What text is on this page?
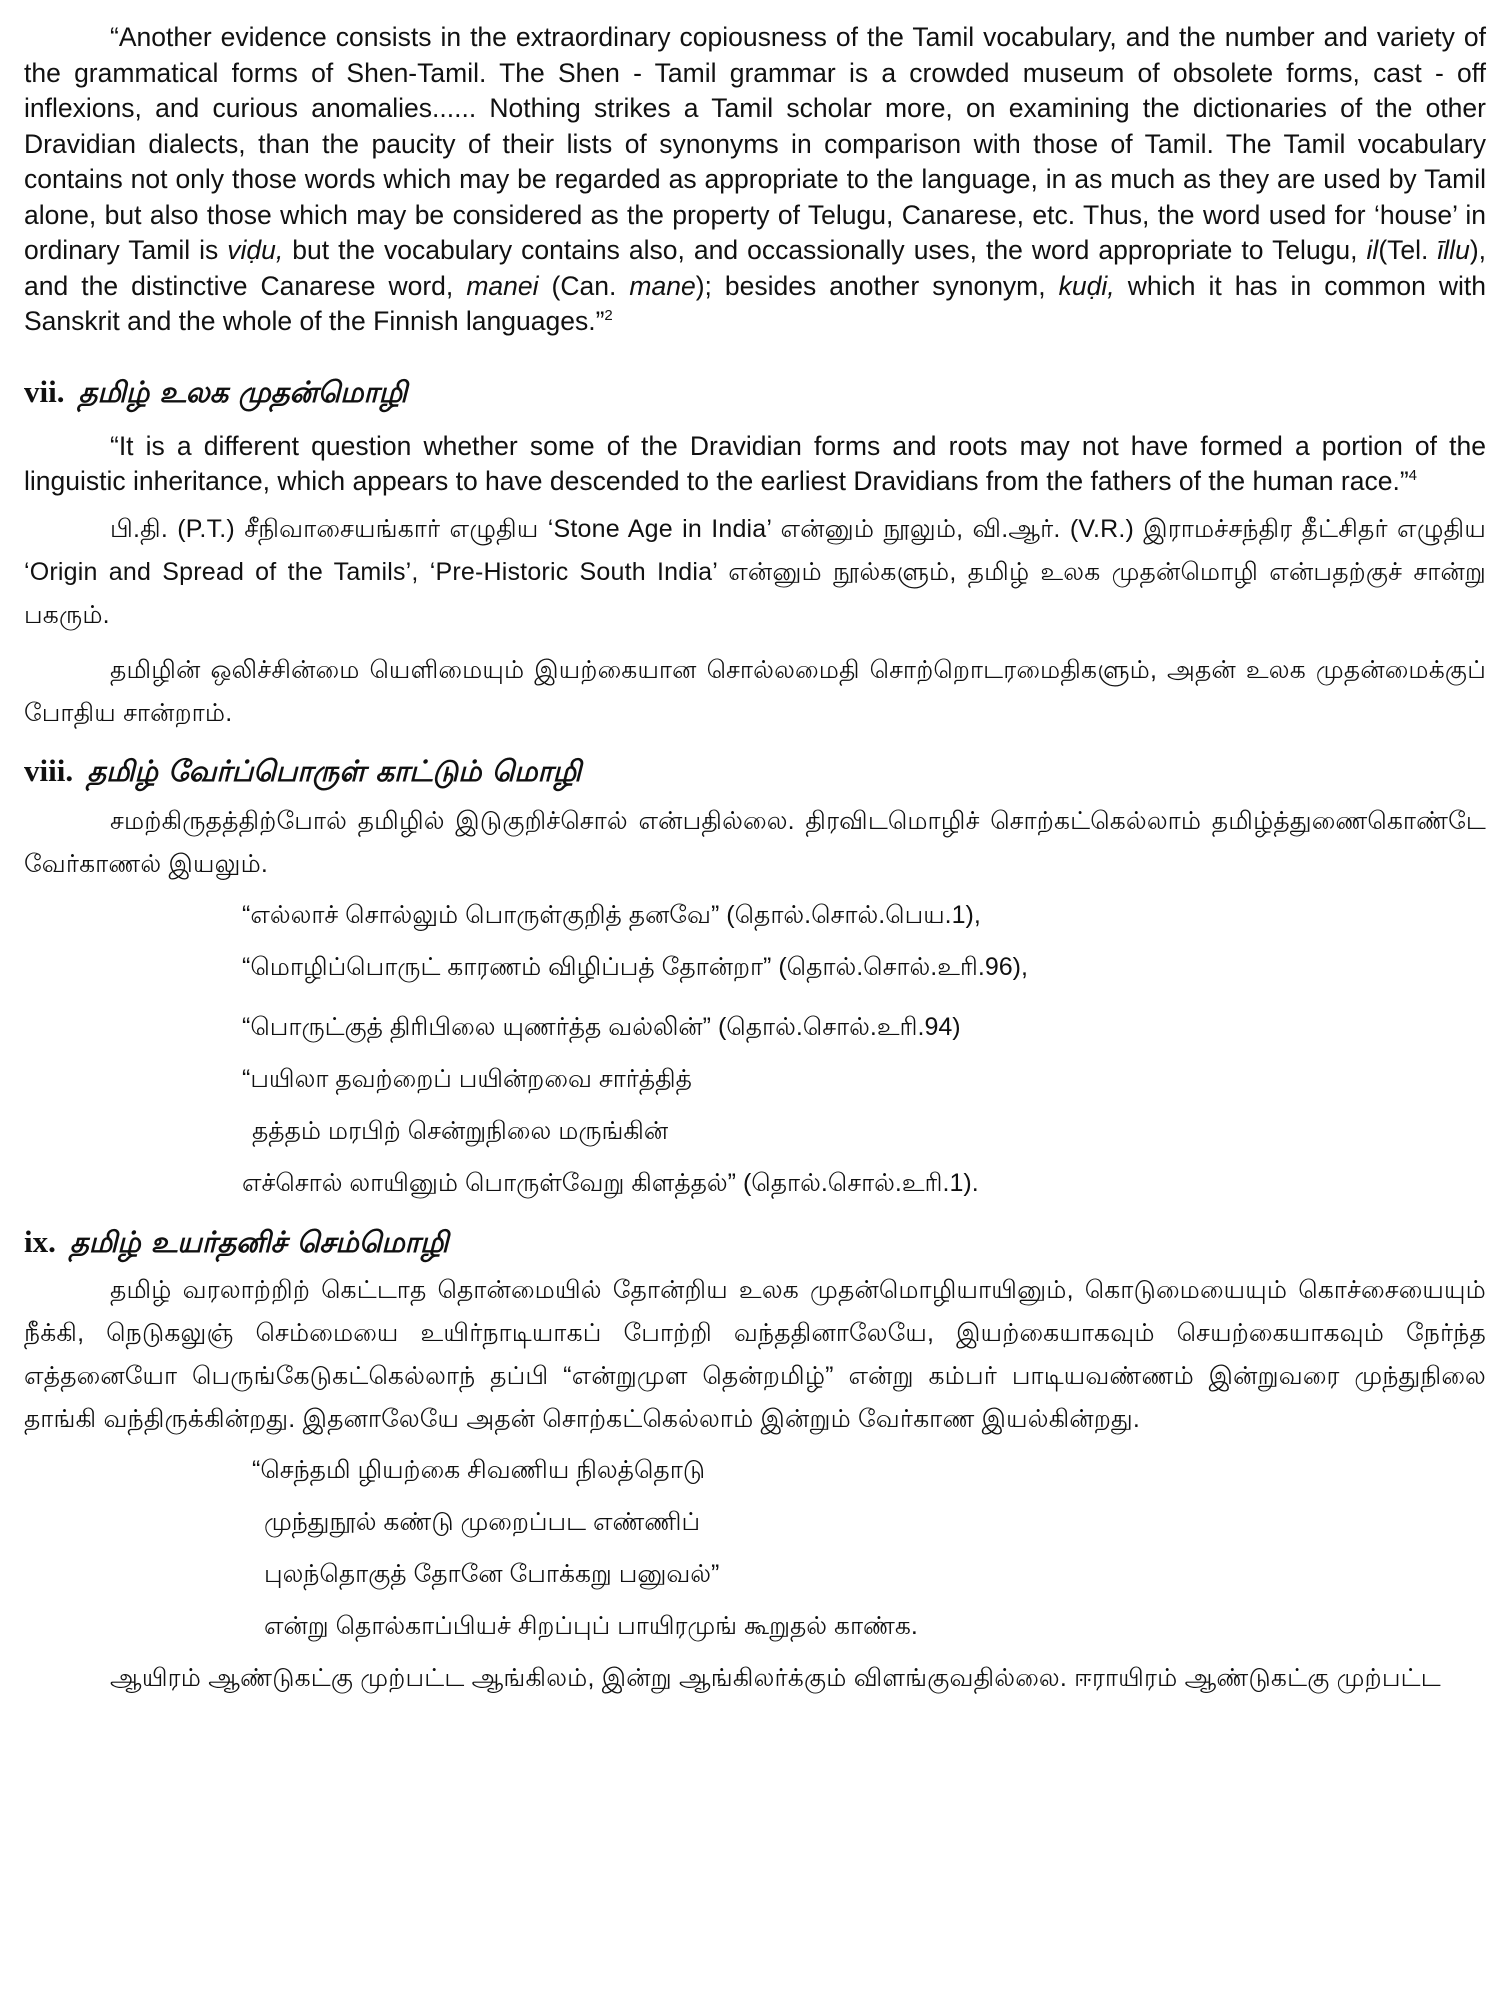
“Another evidence consists in the extraordinary copiousness of the Tamil vocabulary, and the number and variety of the grammatical forms of Shen-Tamil. The Shen - Tamil grammar is a crowded museum of obsolete forms, cast - off inflexions, and curious anomalies...... Nothing strikes a Tamil scholar more, on examining the dictionaries of the other Dravidian dialects, than the paucity of their lists of synonyms in comparison with those of Tamil. The Tamil vocabulary contains not only those words which may be regarded as appropriate to the language, in as much as they are used by Tamil alone, but also those which may be considered as the property of Telugu, Canarese, etc. Thus, the word used for ‘house’ in ordinary Tamil is viḍu, but the vocabulary contains also, and occassionally uses, the word appropriate to Telugu, il(Tel. īllu), and the distinctive Canarese word, manei (Can. mane); besides another synonym, kuḍi, which it has in common with Sanskrit and the whole of the Finnish languages.”$^2$

vii. தமிழ் உலக முதன்மொழி

“It is a different question whether some of the Dravidian forms and roots may not have formed a portion of the linguistic inheritance, which appears to have descended to the earliest Dravidians from the fathers of the human race.”$^4$

பி.தி. (P.T.) சீநிவாசையங்கார் எழுதிய ‘Stone Age in India’ என்னும் நூலும், வி.ஆர். (V.R.) இராமச்சந்திர தீட்சிதர் எழுதிய ‘Origin and Spread of the Tamils’, ‘Pre-Historic South India’ என்னும் நூல்களும், தமிழ் உலக முதன்மொழி என்பதற்குச் சான்று பகரும்.

தமிழின் ஒலிச்சின்மை யெளிமையும் இயற்கையான சொல்லமைதி சொற்றொடரமைதிகளும், அதன் உலக முதன்மைக்குப் போதிய சான்றாம்.

viii. தமிழ் வேர்ப்பொருள் காட்டும் மொழி

சமற்கிருதத்திற்போல் தமிழில் இடுகுறிச்சொல் என்பதில்லை. திரவிடமொழிச் சொற்கட்கெல்லாம் தமிழ்த்துணைகொண்டே வேர்காணல் இயலும்.

“எல்லாச் சொல்லும் பொருள்குறித் தனவே” (தொல்.சொல்.பெய.1),

“மொழிப்பொருட் காரணம் விழிப்பத் தோன்றா” (தொல்.சொல்.உரி.96),

“பொருட்குத் திரிபிலை யுணர்த்த வல்லின்” (தொல்.சொல்.உரி.94)

“பயிலா தவற்றைப் பயின்றவை சார்த்தித்

தத்தம் மரபிற் சென்றுநிலை மருங்கின்

எச்சொல் லாயினும் பொருள்வேறு கிளத்தல்” (தொல்.சொல்.உரி.1).

ix. தமிழ் உயர்தனிச் செம்மொழி

தமிழ் வரலாற்றிற் கெட்டாத தொன்மையில் தோன்றிய உலக முதன்மொழியாயினும், கொடுமையையும் கொச்சையையும் நீக்கி, நெடுகலுஞ் செம்மையை உயிர்நாடியாகப் போற்றி வந்ததினாலேயே, இயற்கையாகவும் செயற்கையாகவும் நேர்ந்த எத்தனையோ பெருங்கேடுகட்கெல்லாந் தப்பி “என்றுமுள தென்றமிழ்” என்று கம்பர் பாடியவண்ணம் இன்றுவரை முந்துநிலை தாங்கி வந்திருக்கின்றது. இதனாலேயே அதன் சொற்கட்கெல்லாம் இன்றும் வேர்காண இயல்கின்றது.

“செந்தமி ழியற்கை சிவணிய நிலத்தொடு

முந்துநூல் கண்டு முறைப்பட எண்ணிப்

புலந்தொகுத் தோனே போக்கறு பனுவல்”

என்று தொல்காப்பியச் சிறப்புப் பாயிரமுங் கூறுதல் காண்க.

ஆயிரம் ஆண்டுகட்கு முற்பட்ட ஆங்கிலம், இன்று ஆங்கிலர்க்கும் விளங்குவதில்லை. ஈராயிரம் ஆண்டுகட்கு முற்பட்ட
